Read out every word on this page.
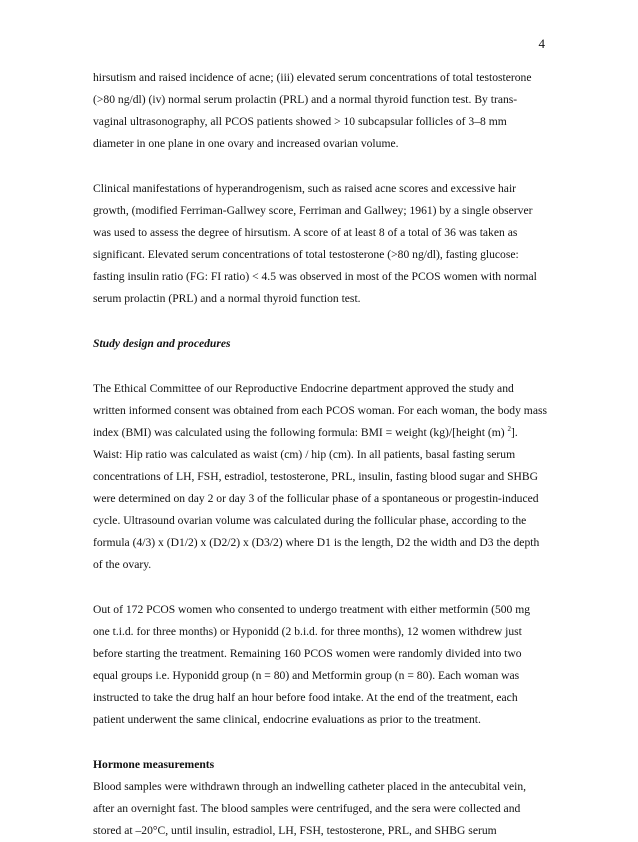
4

hirsutism and raised incidence of acne; (iii) elevated serum concentrations of total testosterone

(>80 ng/dl) (iv) normal serum prolactin (PRL) and a normal thyroid function test. By trans-

vaginal ultrasonography, all PCOS patients showed > 10 subcapsular follicles of 3–8 mm

diameter in one plane in one ovary and increased ovarian volume.

Clinical manifestations of hyperandrogenism, such as raised acne scores and excessive hair

growth, (modified Ferriman-Gallwey score, Ferriman and Gallwey; 1961) by a single observer

was used to assess the degree of hirsutism. A score of at least 8 of a total of 36 was taken as

significant. Elevated serum concentrations of total testosterone (>80 ng/dl), fasting glucose:

fasting insulin ratio (FG: FI ratio) < 4.5 was observed in most of the PCOS women with normal

serum prolactin (PRL) and a normal thyroid function test.

Study design and procedures

The Ethical Committee of our Reproductive Endocrine department approved the study and

written informed consent was obtained from each PCOS woman. For each woman, the body mass

index (BMI) was calculated using the following formula: BMI = weight (kg)/[height (m) $^2$].

Waist: Hip ratio was calculated as waist (cm) / hip (cm). In all patients, basal fasting serum

concentrations of LH, FSH, estradiol, testosterone, PRL, insulin, fasting blood sugar and SHBG

were determined on day 2 or day 3 of the follicular phase of a spontaneous or progestin-induced

cycle. Ultrasound ovarian volume was calculated during the follicular phase, according to the

formula (4/3) x (D1/2) x (D2/2) x (D3/2) where D1 is the length, D2 the width and D3 the depth

of the ovary.

Out of 172 PCOS women who consented to undergo treatment with either metformin (500 mg

one t.i.d. for three months) or Hyponidd (2 b.i.d. for three months), 12 women withdrew just

before starting the treatment. Remaining 160 PCOS women were randomly divided into two

equal groups i.e. Hyponidd group (n = 80) and Metformin group (n = 80). Each woman was

instructed to take the drug half an hour before food intake. At the end of the treatment, each

patient underwent the same clinical, endocrine evaluations as prior to the treatment.

Hormone measurements

Blood samples were withdrawn through an indwelling catheter placed in the antecubital vein,

after an overnight fast. The blood samples were centrifuged, and the sera were collected and

stored at –20°C, until insulin, estradiol, LH, FSH, testosterone, PRL, and SHBG serum
